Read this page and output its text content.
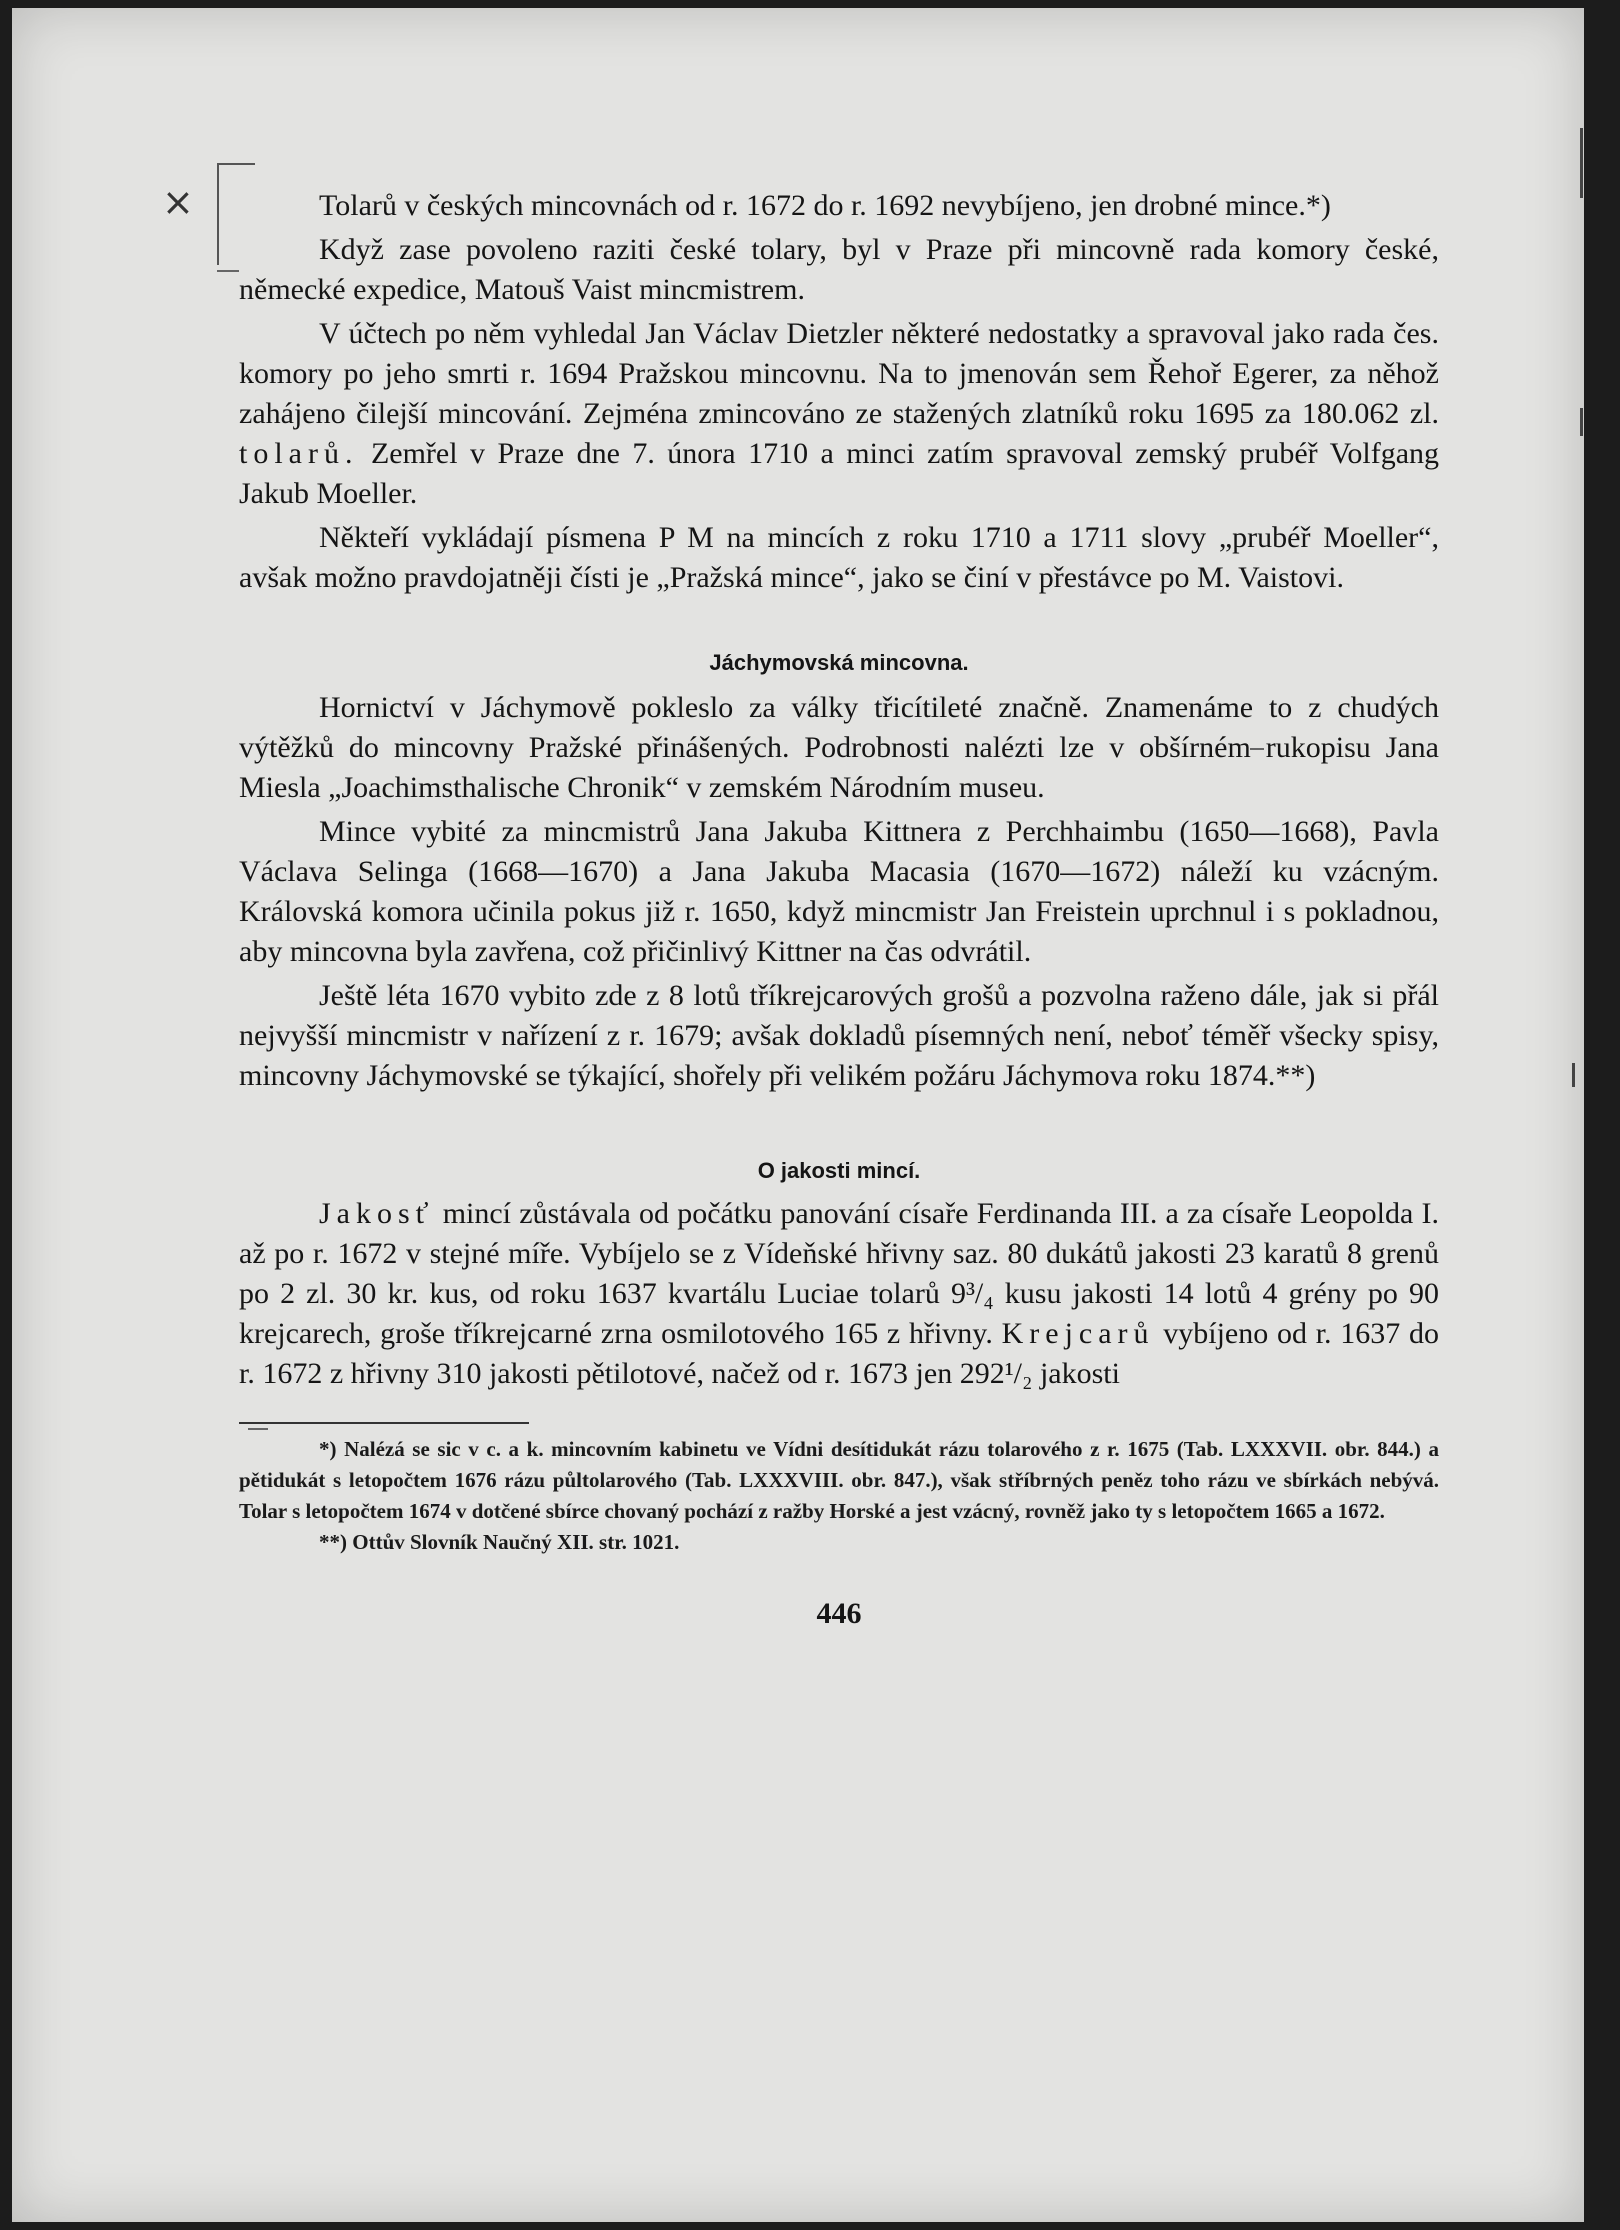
×	Tolarů v českých mincovnách od r. 1672 do r. 1692 nevybíjeno, jen drobné mince.*)

Když zase povoleno raziti české tolary, byl v Praze při mincovně rada komory české, německé expedice, Matouš Vaist mincmistrem.

V účtech po něm vyhledal Jan Václav Dietzler některé nedostatky a spravoval jako rada čes. komory po jeho smrti r. 1694 Pražskou mincovnu. Na to jmenován sem Řehoř Egerer, za něhož zahájeno čilejší mincování. Zejména zmincováno ze stažených zlatníků roku 1695 za 180.062 zl. tolarů. Zemřel v Praze dne 7. února 1710 a minci zatím spravoval zemský prubéř Volfgang Jakub Moeller.

Někteří vykládají písmena P M na mincích z roku 1710 a 1711 slovy „prubéř Moeller“, avšak možno pravdojatněji čísti je „Pražská mince“, jako se činí v přestávce po M. Vaistovi.

Jáchymovská mincovna.

Hornictví v Jáchymově pokleslo za války třicítileté značně. Znamenáme to z chudých výtěžků do mincovny Pražské přinášených. Podrobnosti nalézti lze v obšírném rukopisu Jana Miesla „Joachimsthalische Chronik“ v zemském Národním museu.

Mince vybité za mincmistrů Jana Jakuba Kittnera z Perchhaimbu (1650—1668), Pavla Václava Selinga (1668—1670) a Jana Jakuba Macasia (1670—1672) náleží ku vzácným. Královská komora učinila pokus již r. 1650, když mincmistr Jan Freistein uprchnul i s pokladnou, aby mincovna byla zavřena, což přičinlivý Kittner na čas odvrátil.

Ještě léta 1670 vybito zde z 8 lotů tříkrejcarových grošů a pozvolna raženo dále, jak si přál nejvyšší mincmistr v nařízení z r. 1679; avšak dokladů písemných není, neboť téměř všecky spisy, mincovny Jáchymovské se týkající, shořely při velikém požáru Jáchymova roku 1874.**)

O jakosti mincí.

Jakosť mincí zůstávala od počátku panování císaře Ferdinanda III. a za císaře Leopolda I. až po r. 1672 v stejné míře. Vybíjelo se z Vídeňské hřivny saz. 80 dukátů jakosti 23 karatů 8 grenů po 2 zl. 30 kr. kus, od roku 1637 kvartálu Luciae tolarů 9³/₄ kusu jakosti 14 lotů 4 grény po 90 krejcarech, groše tříkrejcarné zrna osmilotového 165 z hřivny. Krejcarů vybíjeno od r. 1637 do r. 1672 z hřivny 310 jakosti pětilotové, načež od r. 1673 jen 292¹/₂ jakosti

*) Nalézá se sic v c. a k. mincovním kabinetu ve Vídni desítidukát rázu tolarového z r. 1675 (Tab. LXXXVII. obr. 844.) a pětidukát s letopočtem 1676 rázu půltolarového (Tab. LXXXVIII. obr. 847.), však stříbrných peněz toho rázu ve sbírkách nebývá. Tolar s letopočtem 1674 v dotčené sbírce chovaný pochází z ražby Horské a jest vzácný, rovněž jako ty s letopočtem 1665 a 1672.

**) Ottův Slovník Naučný XII. str. 1021.

446
